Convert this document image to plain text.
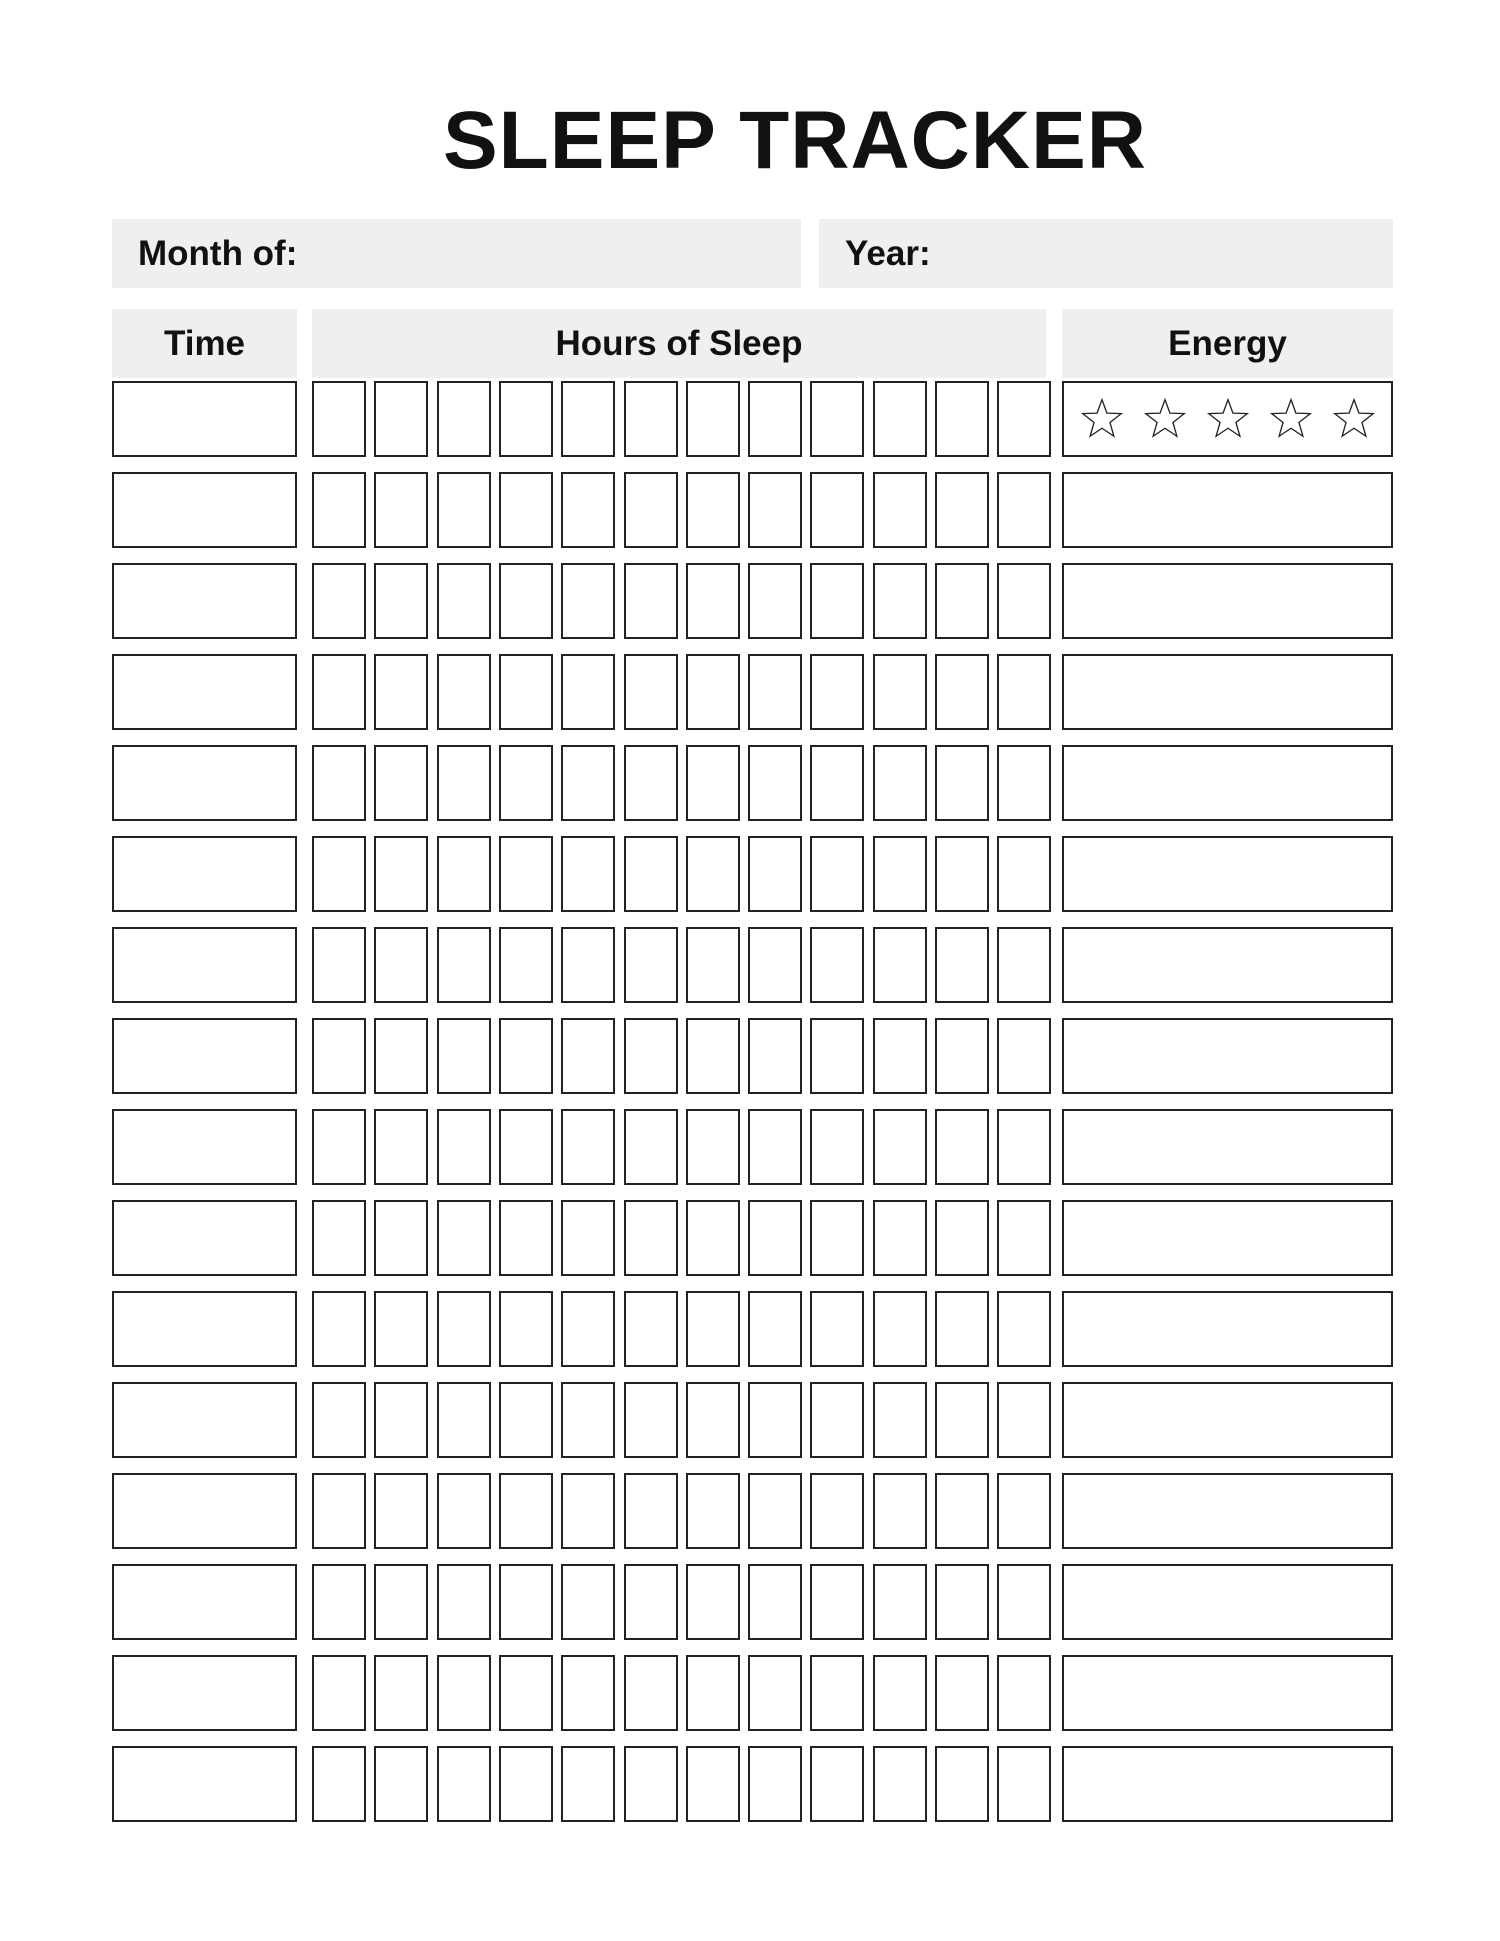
SLEEP TRACKER
Month of:	Year:
Time	Hours of Sleep	Energy
